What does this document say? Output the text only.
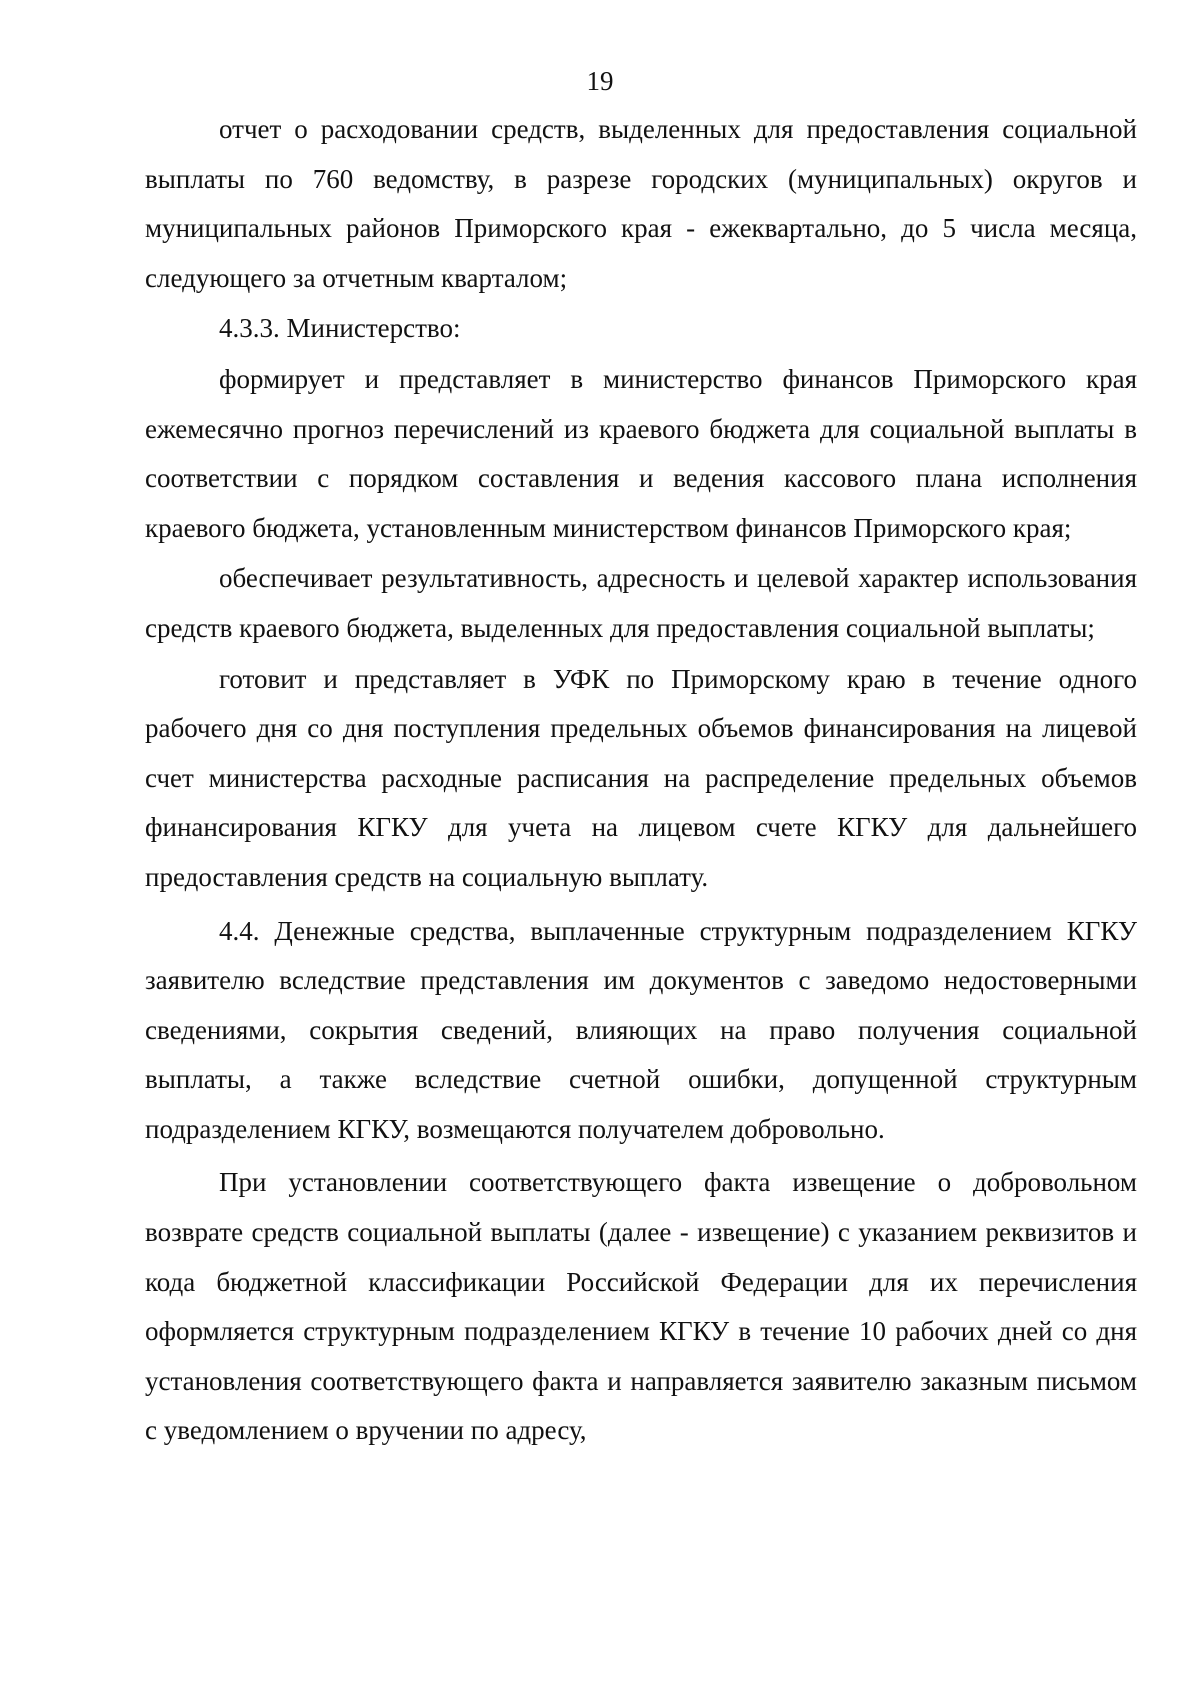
19

отчет о расходовании средств, выделенных для предоставления социальной выплаты по 760 ведомству, в разрезе городских (муниципальных) округов и муниципальных районов Приморского края - ежеквартально, до 5 числа месяца, следующего за отчетным кварталом;

4.3.3. Министерство:

формирует и представляет в министерство финансов Приморского края ежемесячно прогноз перечислений из краевого бюджета для социальной выплаты в соответствии с порядком составления и ведения кассового плана исполнения краевого бюджета, установленным министерством финансов Приморского края;

обеспечивает результативность, адресность и целевой характер использования средств краевого бюджета, выделенных для предоставления социальной выплаты;

готовит и представляет в УФК по Приморскому краю в течение одного рабочего дня со дня поступления предельных объемов финансирования на лицевой счет министерства расходные расписания на распределение предельных объемов финансирования КГКУ для учета на лицевом счете КГКУ для дальнейшего предоставления средств на социальную выплату.

4.4. Денежные средства, выплаченные структурным подразделением КГКУ заявителю вследствие представления им документов с заведомо недостоверными сведениями, сокрытия сведений, влияющих на право получения социальной выплаты, а также вследствие счетной ошибки, допущенной структурным подразделением КГКУ, возмещаются получателем добровольно.

При установлении соответствующего факта извещение о добровольном возврате средств социальной выплаты (далее - извещение) с указанием реквизитов и кода бюджетной классификации Российской Федерации для их перечисления оформляется структурным подразделением КГКУ в течение 10 рабочих дней со дня установления соответствующего факта и направляется заявителю заказным письмом с уведомлением о вручении по адресу,
